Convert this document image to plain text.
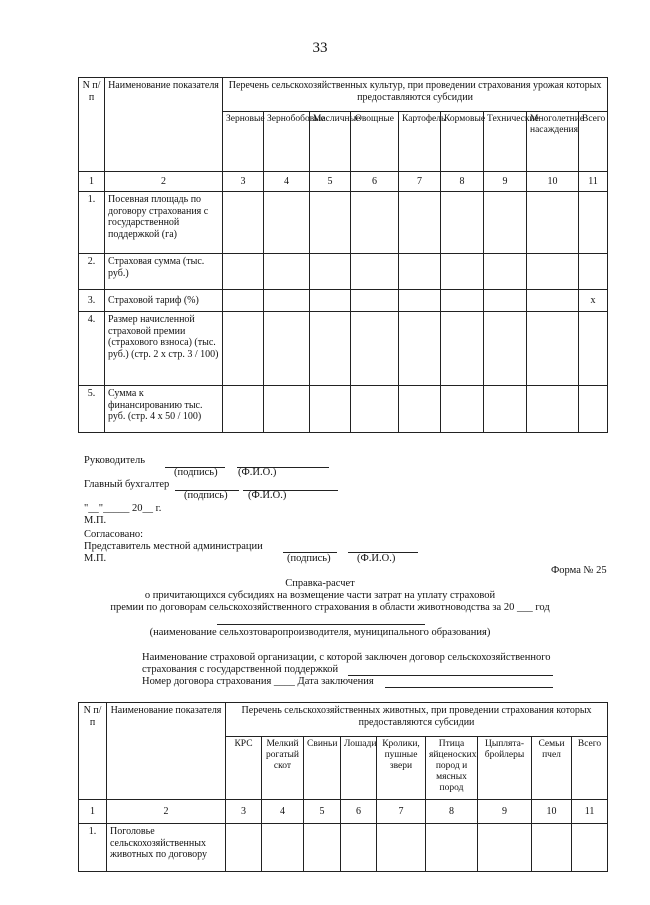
33
N п/п	Наименование показателя	Перечень сельскохозяйственных культур, при проведении страхования урожая которых предоставляются субсидии								
		Зерновые	Зернобобовые	Масличные	Овощные	Картофель	Кормовые	Технические	Многолетние насаждения	Всего
1	2	3	4	5	6	7	8	9	10	11
1.	Посевная площадь по договору страхования с государственной поддержкой (га)									
2.	Страховая сумма (тыс. руб.)									
3.	Страховой тариф (%)									x
4.	Размер начисленной страховой премии (страхового взноса) (тыс. руб.) (стр. 2 x стр. 3 / 100)									
5.	Сумма к финансированию тыс. руб. (стр. 4 x 50 / 100)									
Руководитель
(подпись) (Ф.И.О.)
Главный бухгалтер
(подпись) (Ф.И.О.)
"__"_____ 20__ г.
М.П.
Согласовано:
Представитель местной администрации
М.П.	(подпись)	(Ф.И.О.)
Форма № 25
Справка-расчет
о причитающихся субсидиях на возмещение части затрат на уплату страховой
премии по договорам сельскохозяйственного страхования в области животноводства за 20 ___ год
(наименование сельхозтоваропроизводителя, муниципального образования)
Наименование страховой организации, с которой заключен договор сельскохозяйственного
страхования с государственной поддержкой
Номер договора страхования ____ Дата заключения
N п/п	Наименование показателя	Перечень сельскохозяйственных животных, при проведении страхования которых предоставляются субсидии								
		КРС	Мелкий рогатый скот	Свиньи	Лошади	Кролики, пушные звери	Птица яйценоских пород и мясных пород	Цыплята-бройлеры	Семьи пчел	Всего
1	2	3	4	5	6	7	8	9	10	11
1.	Поголовье сельскохозяйственных животных по договору									
